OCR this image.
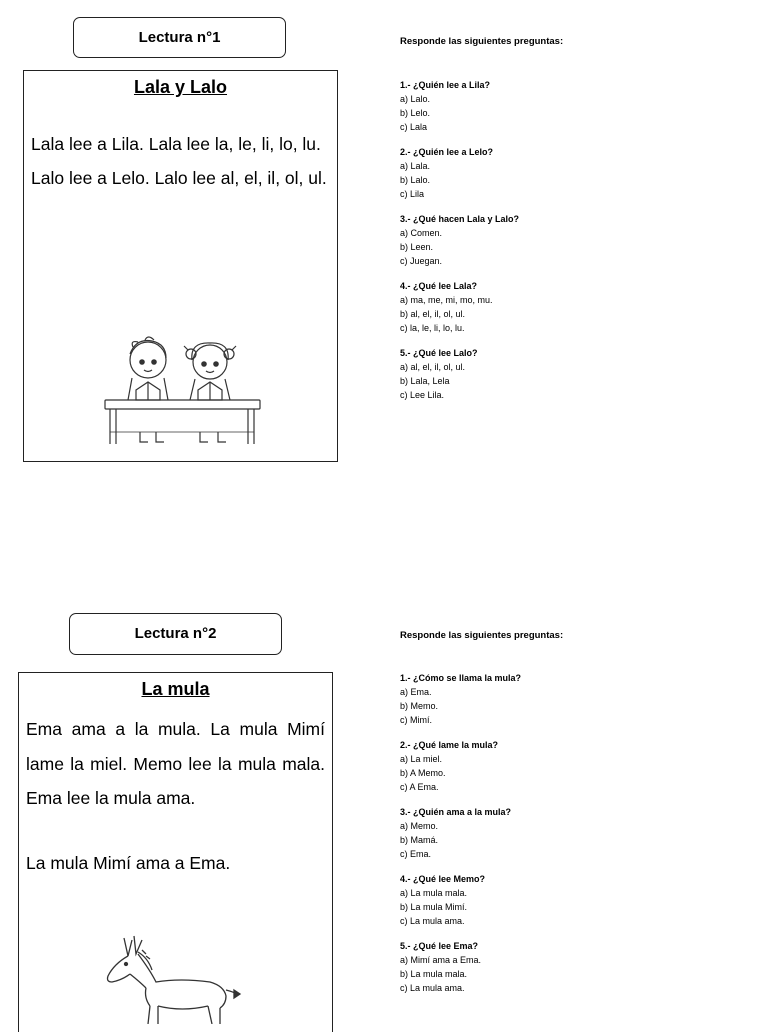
Lectura n°1
Lala y Lalo

Lala lee a Lila. Lala lee la, le, li, lo, lu.

Lalo lee a Lelo. Lalo lee al, el, il, ol, ul.

Responde las siguientes preguntas:
1.- ¿Quién lee a Lila?
a) Lalo.
b) Lelo.
c) Lala
2.- ¿Quién lee a Lelo?
a) Lala.
b) Lalo.
c) Lila
3.- ¿Qué hacen Lala y Lalo?
a) Comen.
b) Leen.
c) Juegan.
4.- ¿Qué lee Lala?
a) ma, me, mi, mo, mu.
b) al, el, il, ol, ul.
c) la, le, li, lo, lu.
5.- ¿Qué lee Lalo?
a) al, el, il, ol, ul.
b) Lala, Lela
c) Lee Lila.
Lectura n°2
La mula

Ema ama a la mula. La mula Mimí lame la miel. Memo lee la mula mala. Ema lee la mula ama.

La mula Mimí ama a Ema.

Responde las siguientes preguntas:
1.- ¿Cómo se llama la mula?
a) Ema.
b) Memo.
c) Mimí.
2.- ¿Qué lame la mula?
a) La miel.
b) A Memo.
c) A Ema.
3.- ¿Quién ama a la mula?
a) Memo.
b) Mamá.
c) Ema.
4.- ¿Qué lee Memo?
a) La mula mala.
b) La mula Mimí.
c) La mula ama.
5.- ¿Qué lee Ema?
a) Mimí ama a Ema.
b) La mula mala.
c) La mula ama.
